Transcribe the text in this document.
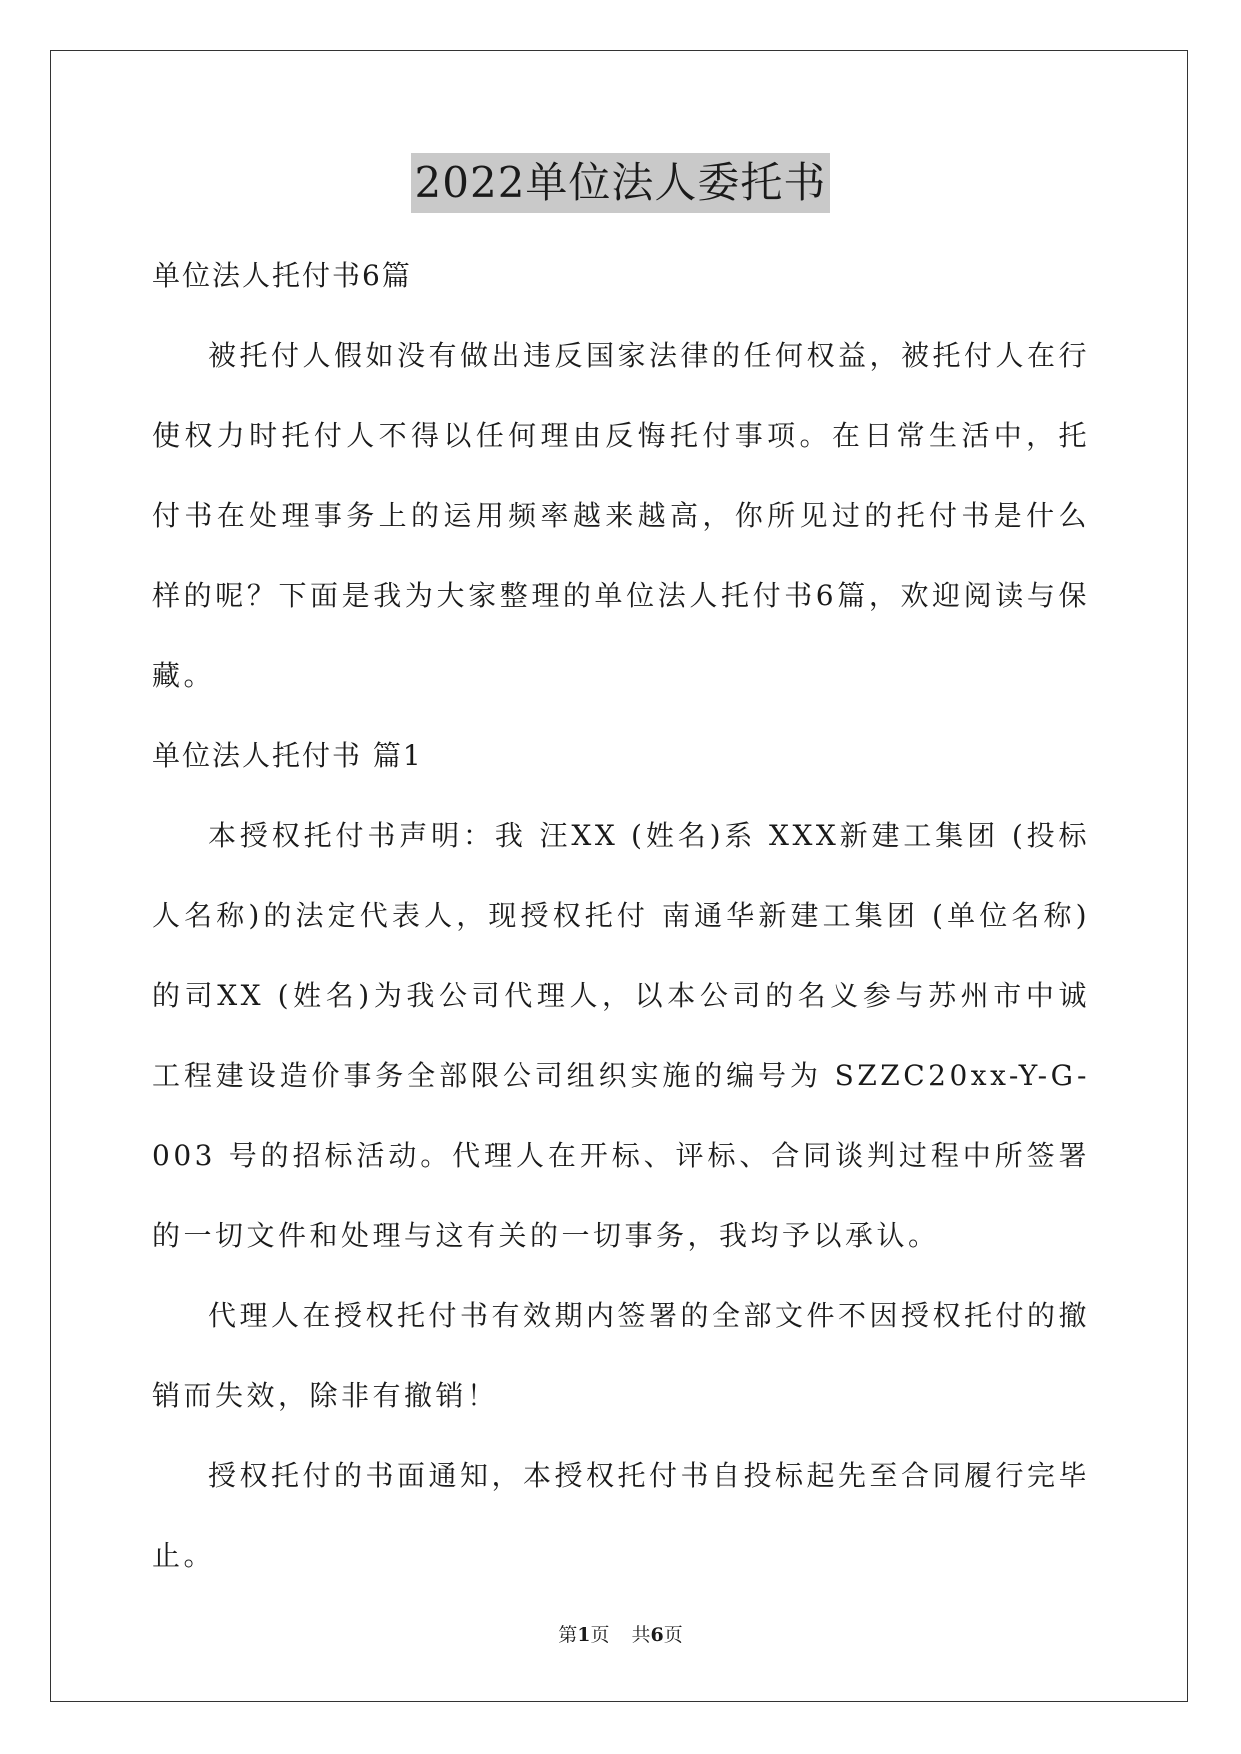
2022单位法人委托书
单位法人托付书6篇

被托付人假如没有做出违反国家法律的任何权益，被托付人在行使权力时托付人不得以任何理由反悔托付事项。在日常生活中，托付书在处理事务上的运用频率越来越高，你所见过的托付书是什么样的呢？下面是我为大家整理的单位法人托付书6篇，欢迎阅读与保藏。

单位法人托付书 篇1

本授权托付书声明：我 汪XX (姓名)系 XXX新建工集团 (投标人名称)的法定代表人，现授权托付 南通华新建工集团 (单位名称)的司XX (姓名)为我公司代理人，以本公司的名义参与苏州市中诚工程建设造价事务全部限公司组织实施的编号为 SZZC20xx-Y-G-003 号的招标活动。代理人在开标、评标、合同谈判过程中所签署的一切文件和处理与这有关的一切事务，我均予以承认。

代理人在授权托付书有效期内签署的全部文件不因授权托付的撤销而失效，除非有撤销！

授权托付的书面通知，本授权托付书自投标起先至合同履行完毕止。

第1页 共6页
